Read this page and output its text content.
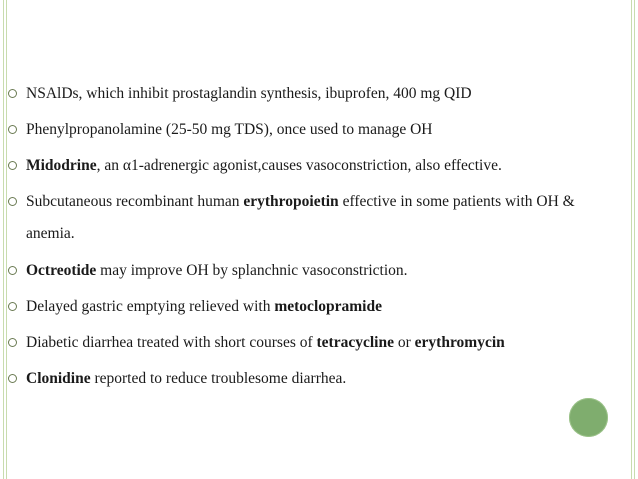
NSAlDs, which inhibit prostaglandin synthesis, ibuprofen, 400 mg QID
Phenylpropanolamine (25-50 mg TDS), once used to manage OH
Midodrine, an α1-adrenergic agonist,causes vasoconstriction, also effective.
Subcutaneous recombinant human erythropoietin effective in some patients with OH & anemia.
Octreotide may improve OH by splanchnic vasoconstriction.
Delayed gastric emptying relieved with metoclopramide
Diabetic diarrhea treated with short courses of tetracycline or erythromycin
Clonidine reported to reduce troublesome diarrhea.
